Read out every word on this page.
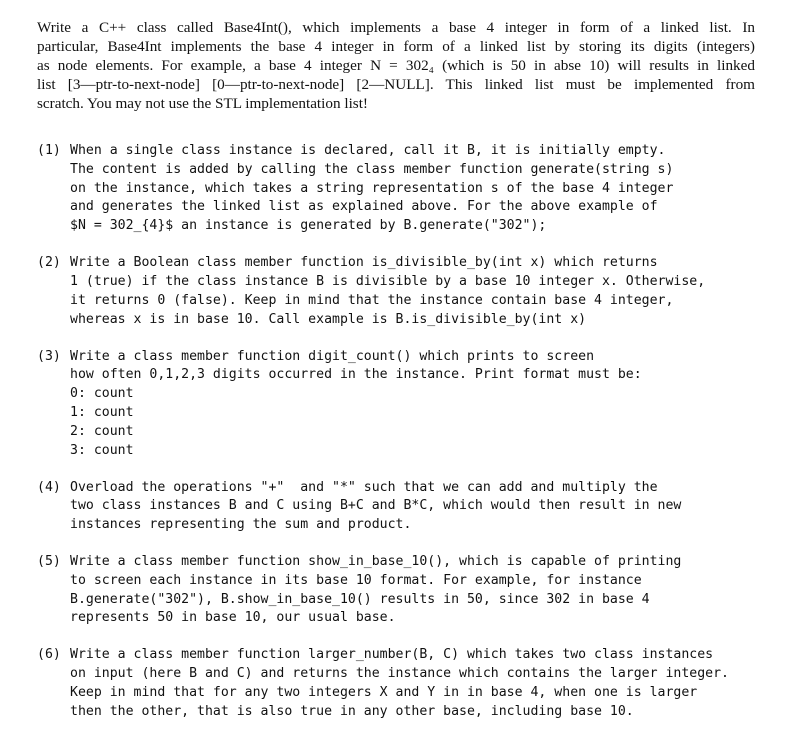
Write a C++ class called Base4Int(), which implements a base 4 integer in form of a linked list. In
particular, Base4Int implements the base 4 integer in form of a linked list by storing its digits (integers)
as node elements. For example, a base 4 integer N = 302₄ (which is 50 in abse 10) will results in linked
list [3—ptr-to-next-node] [0—ptr-to-next-node] [2—NULL]. This linked list must be implemented from
scratch. You may not use the STL implementation list!

(1) When a single class instance is declared, call it B, it is initially empty.
The content is added by calling the class member function generate(string s)
on the instance, which takes a string representation s of the base 4 integer
and generates the linked list as explained above. For the above example of
$N = 302_{4}$ an instance is generated by B.generate("302");
(2) Write a Boolean class member function is_divisible_by(int x) which returns
1 (true) if the class instance B is divisible by a base 10 integer x. Otherwise,
it returns 0 (false). Keep in mind that the instance contain base 4 integer,
whereas x is in base 10. Call example is B.is_divisible_by(int x)
(3) Write a class member function digit_count() which prints to screen
how often 0,1,2,3 digits occurred in the instance. Print format must be:
0: count
1: count
2: count
3: count
(4) Overload the operations "+"  and "*" such that we can add and multiply the
two class instances B and C using B+C and B*C, which would then result in new
instances representing the sum and product.
(5) Write a class member function show_in_base_10(), which is capable of printing
to screen each instance in its base 10 format. For example, for instance
B.generate("302"), B.show_in_base_10() results in 50, since 302 in base 4
represents 50 in base 10, our usual base.
(6) Write a class member function larger_number(B, C) which takes two class instances
on input (here B and C) and returns the instance which contains the larger integer.
Keep in mind that for any two integers X and Y in in base 4, when one is larger
then the other, that is also true in any other base, including base 10.
